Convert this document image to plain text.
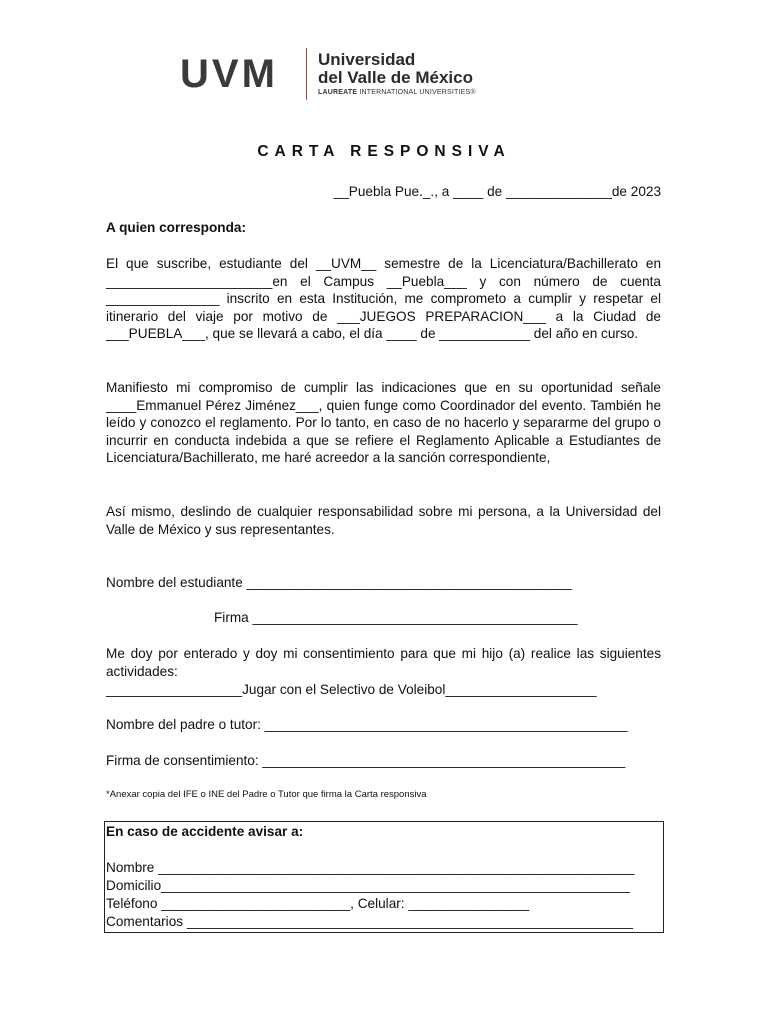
UVM Universidad
del Valle de México
LAUREATE INTERNATIONAL UNIVERSITIES®
CARTA RESPONSIVA
__Puebla Pue._., a ____ de ______________de 2023
A quien corresponda:
El que suscribe, estudiante del __UVM__ semestre de la Licenciatura/Bachillerato en ______________________en el Campus __Puebla___ y con número de cuenta _______________ inscrito en esta Institución, me comprometo a cumplir y respetar el itinerario del viaje por motivo de ___JUEGOS PREPARACION___ a la Ciudad de ___PUEBLA___, que se llevará a cabo, el día ____ de ____________ del año en curso.
Manifiesto mi compromiso de cumplir las indicaciones que en su oportunidad señale ____Emmanuel Pérez Jiménez___, quien funge como Coordinador del evento. También he leído y conozco el reglamento. Por lo tanto, en caso de no hacerlo y separarme del grupo o incurrir en conducta indebida a que se refiere el Reglamento Aplicable a Estudiantes de Licenciatura/Bachillerato, me haré acreedor a la sanción correspondiente,
Así mismo, deslindo de cualquier responsabilidad sobre mi persona, a la Universidad del Valle de México y sus representantes.
Nombre del estudiante ___________________________________________
Firma ___________________________________________
Me doy por enterado y doy mi consentimiento para que mi hijo (a) realice las siguientes actividades:
__________________Jugar con el Selectivo de Voleibol____________________
Nombre del padre o tutor: ________________________________________________
Firma de consentimiento: ________________________________________________
*Anexar copia del IFE o INE del Padre o Tutor que firma la Carta responsiva
En caso de accidente avisar a:
Nombre _______________________________________________________________
Domicilio______________________________________________________________
Teléfono _________________________, Celular: ________________
Comentarios ___________________________________________________________
